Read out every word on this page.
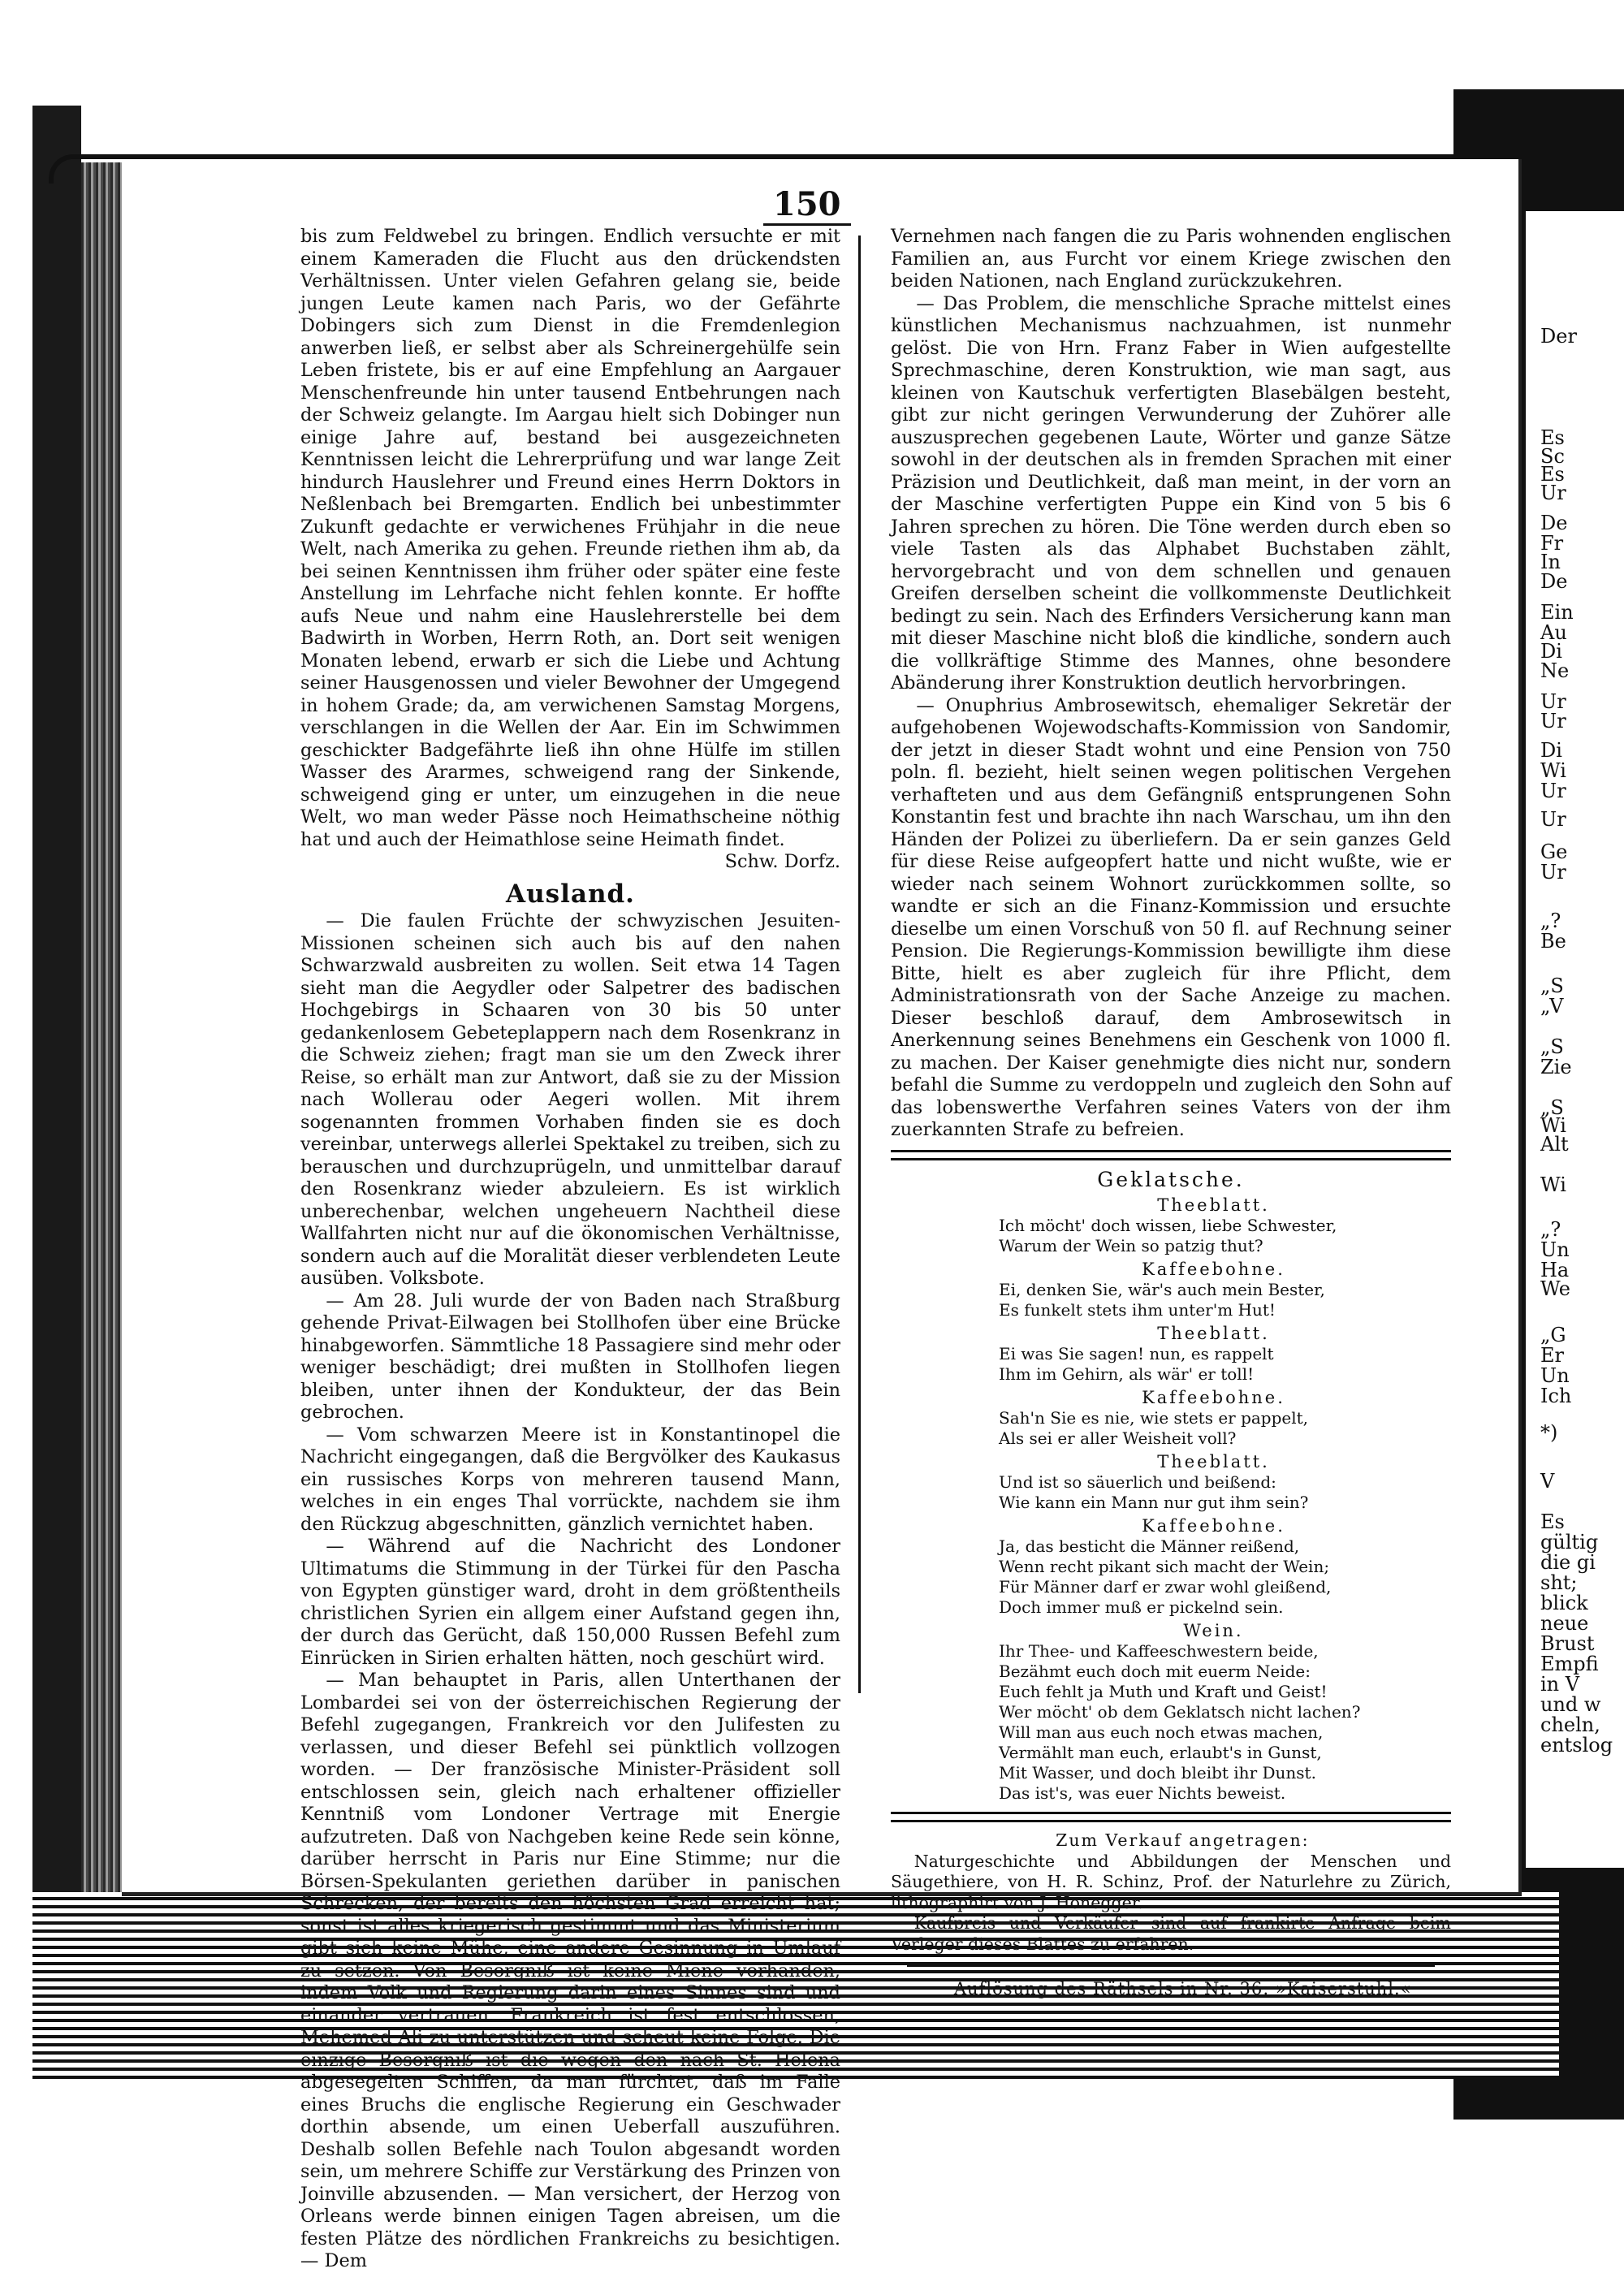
Der
Es
Sc
Es
Ur
De
Fr
In
De
Ein
Au
Di
Ne
Ur
Ur
Di
Wi
Ur
Ur
Ge
Ur
„?
Be
„S
„V
„S
Zie
„S
Wi
Alt
Wi
„?
Un
Ha
We
„G
Er
Un
Ich
*)
V
Es
gültig
die gi
sht;
blick
neue
Brust
Empfi
in V
und w
cheln,
entslog
150

bis zum Feldwebel zu bringen. Endlich versuchte er mit einem Kameraden die Flucht aus den drückendsten Verhältnissen. Unter vielen Gefahren gelang sie, beide jungen Leute kamen nach Paris, wo der Gefährte Dobingers sich zum Dienst in die Fremdenlegion anwerben ließ, er selbst aber als Schreinergehülfe sein Leben fristete, bis er auf eine Empfehlung an Aargauer Menschenfreunde hin unter tausend Entbehrungen nach der Schweiz gelangte. Im Aargau hielt sich Dobinger nun einige Jahre auf, bestand bei ausgezeichneten Kenntnissen leicht die Lehrerprüfung und war lange Zeit hindurch Hauslehrer und Freund eines Herrn Doktors in Neßlenbach bei Bremgarten. Endlich bei unbestimmter Zukunft gedachte er verwichenes Frühjahr in die neue Welt, nach Amerika zu gehen. Freunde riethen ihm ab, da bei seinen Kenntnissen ihm früher oder später eine feste Anstellung im Lehrfache nicht fehlen konnte. Er hoffte aufs Neue und nahm eine Hauslehrerstelle bei dem Badwirth in Worben, Herrn Roth, an. Dort seit wenigen Monaten lebend, erwarb er sich die Liebe und Achtung seiner Hausgenossen und vieler Bewohner der Umgegend in hohem Grade; da, am verwichenen Samstag Morgens, verschlangen in die Wellen der Aar. Ein im Schwimmen geschickter Badgefährte ließ ihn ohne Hülfe im stillen Wasser des Ararmes, schweigend rang der Sinkende, schweigend ging er unter, um einzugehen in die neue Welt, wo man weder Pässe noch Heimathscheine nöthig hat und auch der Heimathlose seine Heimath findet.

Schw. Dorfz.

Ausland.

— Die faulen Früchte der schwyzischen Jesuiten-Missionen scheinen sich auch bis auf den nahen Schwarzwald ausbreiten zu wollen. Seit etwa 14 Tagen sieht man die Aegydler oder Salpetrer des badischen Hochgebirgs in Schaaren von 30 bis 50 unter gedankenlosem Gebeteplappern nach dem Rosenkranz in die Schweiz ziehen; fragt man sie um den Zweck ihrer Reise, so erhält man zur Antwort, daß sie zu der Mission nach Wollerau oder Aegeri wollen. Mit ihrem sogenannten frommen Vorhaben finden sie es doch vereinbar, unterwegs allerlei Spektakel zu treiben, sich zu berauschen und durchzuprügeln, und unmittelbar darauf den Rosenkranz wieder abzuleiern. Es ist wirklich unberechenbar, welchen ungeheuern Nachtheil diese Wallfahrten nicht nur auf die ökonomischen Verhältnisse, sondern auch auf die Moralität dieser verblendeten Leute ausüben. Volksbote.

— Am 28. Juli wurde der von Baden nach Straßburg gehende Privat-Eilwagen bei Stollhofen über eine Brücke hinabgeworfen. Sämmtliche 18 Passagiere sind mehr oder weniger beschädigt; drei mußten in Stollhofen liegen bleiben, unter ihnen der Kondukteur, der das Bein gebrochen.

— Vom schwarzen Meere ist in Konstantinopel die Nachricht eingegangen, daß die Bergvölker des Kaukasus ein russisches Korps von mehreren tausend Mann, welches in ein enges Thal vorrückte, nachdem sie ihm den Rückzug abgeschnitten, gänzlich vernichtet haben.

— Während auf die Nachricht des Londoner Ultimatums die Stimmung in der Türkei für den Pascha von Egypten günstiger ward, droht in dem größtentheils christlichen Syrien ein allgem einer Aufstand gegen ihn, der durch das Gerücht, daß 150,000 Russen Befehl zum Einrücken in Sirien erhalten hätten, noch geschürt wird.

— Man behauptet in Paris, allen Unterthanen der Lombardei sei von der österreichischen Regierung der Befehl zugegangen, Frankreich vor den Julifesten zu verlassen, und dieser Befehl sei pünktlich vollzogen worden. — Der französische Minister-Präsident soll entschlossen sein, gleich nach erhaltener offizieller Kenntniß vom Londoner Vertrage mit Energie aufzutreten. Daß von Nachgeben keine Rede sein könne, darüber herrscht in Paris nur Eine Stimme; nur die Börsen-Spekulanten geriethen darüber in panischen Schrecken, der bereits den höchsten Grad erreicht hat; sonst ist alles kriegerisch gestimmt und das Ministerium gibt sich keine Mühe, eine andere Gesinnung in Umlauf zu setzen. Von Besorgniß ist keine Miene vorhanden, indem Volk und Regierung darin eines Sinnes sind und einander vertrauen. Frankreich ist fest entschlossen, Mehemed Ali zu unterstützen und scheut keine Folge. Die einzige Besorgniß ist die wegen den nach St. Helena abgesegelten Schiffen, da man fürchtet, daß im Falle eines Bruchs die englische Regierung ein Geschwader dorthin absende, um einen Ueberfall auszuführen. Deshalb sollen Befehle nach Toulon abgesandt worden sein, um mehrere Schiffe zur Verstärkung des Prinzen von Joinville abzusenden. — Man versichert, der Herzog von Orleans werde binnen einigen Tagen abreisen, um die festen Plätze des nördlichen Frankreichs zu besichtigen. — Dem

Vernehmen nach fangen die zu Paris wohnenden englischen Familien an, aus Furcht vor einem Kriege zwischen den beiden Nationen, nach England zurückzukehren.

— Das Problem, die menschliche Sprache mittelst eines künstlichen Mechanismus nachzuahmen, ist nunmehr gelöst. Die von Hrn. Franz Faber in Wien aufgestellte Sprechmaschine, deren Konstruktion, wie man sagt, aus kleinen von Kautschuk verfertigten Blasebälgen besteht, gibt zur nicht geringen Verwunderung der Zuhörer alle auszusprechen gegebenen Laute, Wörter und ganze Sätze sowohl in der deutschen als in fremden Sprachen mit einer Präzision und Deutlichkeit, daß man meint, in der vorn an der Maschine verfertigten Puppe ein Kind von 5 bis 6 Jahren sprechen zu hören. Die Töne werden durch eben so viele Tasten als das Alphabet Buchstaben zählt, hervorgebracht und von dem schnellen und genauen Greifen derselben scheint die vollkommenste Deutlichkeit bedingt zu sein. Nach des Erfinders Versicherung kann man mit dieser Maschine nicht bloß die kindliche, sondern auch die vollkräftige Stimme des Mannes, ohne besondere Abänderung ihrer Konstruktion deutlich hervorbringen.

— Onuphrius Ambrosewitsch, ehemaliger Sekretär der aufgehobenen Wojewodschafts-Kommission von Sandomir, der jetzt in dieser Stadt wohnt und eine Pension von 750 poln. fl. bezieht, hielt seinen wegen politischen Vergehen verhafteten und aus dem Gefängniß entsprungenen Sohn Konstantin fest und brachte ihn nach Warschau, um ihn den Händen der Polizei zu überliefern. Da er sein ganzes Geld für diese Reise aufgeopfert hatte und nicht wußte, wie er wieder nach seinem Wohnort zurückkommen sollte, so wandte er sich an die Finanz-Kommission und ersuchte dieselbe um einen Vorschuß von 50 fl. auf Rechnung seiner Pension. Die Regierungs-Kommission bewilligte ihm diese Bitte, hielt es aber zugleich für ihre Pflicht, dem Administrationsrath von der Sache Anzeige zu machen. Dieser beschloß darauf, dem Ambrosewitsch in Anerkennung seines Benehmens ein Geschenk von 1000 fl. zu machen. Der Kaiser genehmigte dies nicht nur, sondern befahl die Summe zu verdoppeln und zugleich den Sohn auf das lobenswerthe Verfahren seines Vaters von der ihm zuerkannten Strafe zu befreien.

Geklatsche.
Theeblatt.

Ich möcht' doch wissen, liebe Schwester,

Warum der Wein so patzig thut?

Kaffeebohne.

Ei, denken Sie, wär's auch mein Bester,

Es funkelt stets ihm unter'm Hut!

Theeblatt.

Ei was Sie sagen! nun, es rappelt

Ihm im Gehirn, als wär' er toll!

Kaffeebohne.

Sah'n Sie es nie, wie stets er pappelt,

Als sei er aller Weisheit voll?

Theeblatt.

Und ist so säuerlich und beißend:

Wie kann ein Mann nur gut ihm sein?

Kaffeebohne.

Ja, das besticht die Männer reißend,

Wenn recht pikant sich macht der Wein;

Für Männer darf er zwar wohl gleißend,

Doch immer muß er pickelnd sein.

Wein.

Ihr Thee- und Kaffeeschwestern beide,

Bezähmt euch doch mit euerm Neide:

Euch fehlt ja Muth und Kraft und Geist!

Wer möcht' ob dem Geklatsch nicht lachen?

Will man aus euch noch etwas machen,

Vermählt man euch, erlaubt's in Gunst,

Mit Wasser, und doch bleibt ihr Dunst.

Das ist's, was euer Nichts beweist.

Zum Verkauf angetragen:

Naturgeschichte und Abbildungen der Menschen und Säugethiere, von H. R. Schinz, Prof. der Naturlehre zu Zürich, lithographirt von J. Honegger.

Kaufpreis und Verkäufer sind auf frankirte Anfrage beim Verleger dieses Blattes zu erfahren.

Auflösung des Räthsels in Nr. 36: »Kaiserstuhl.«
